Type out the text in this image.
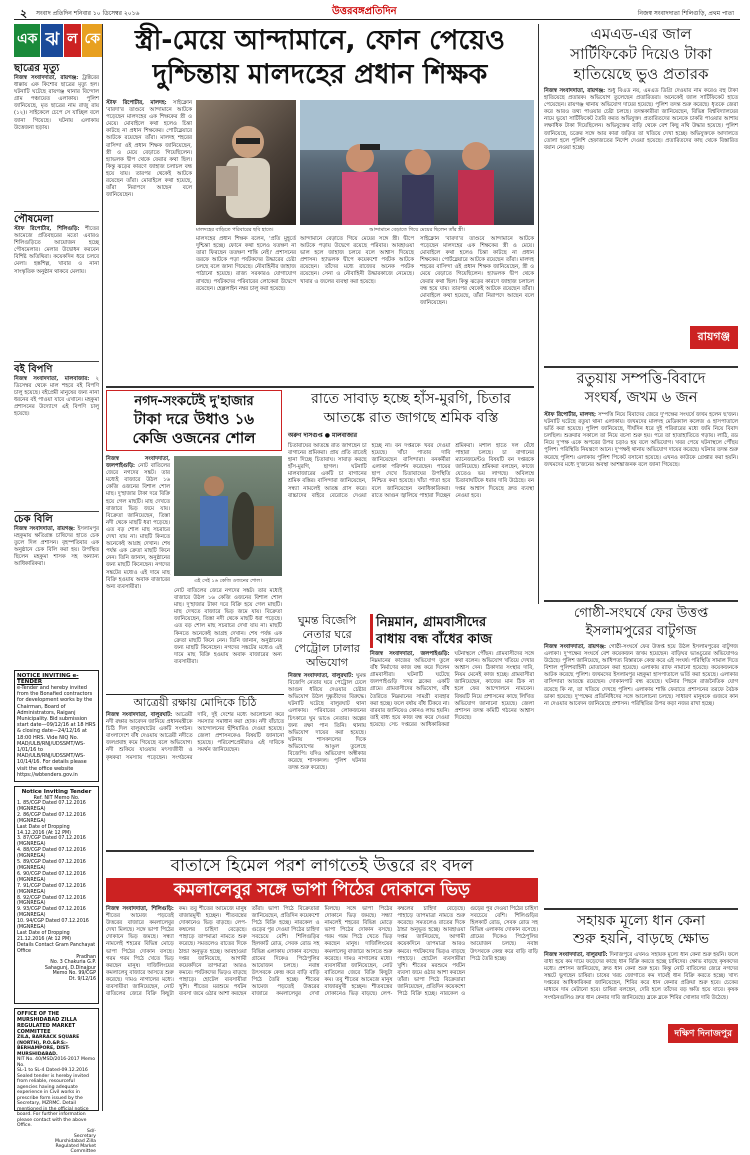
২ সংবাদ প্রতিদিন শনিবার ১০ ডিসেম্বর ২০১৬	উত্তরবঙ্গপ্রতিদিন	নিজস্ব সংবাদদাতা শিলিগুড়ি, প্রথম পাতা
এক ঝ ল কে
ছাত্রের মৃত্যু
নিজস্ব সংবাদদাতা, রায়গঞ্জ: ট্রাক্টরের ধাক্কায় এক কিশোর ছাত্রের মৃত্যু হল। ঘটনাটি ঘটেছে রায়গঞ্জ থানার বিন্দোল গ্রাম পঞ্চায়েত এলাকায়। পুলিশ জানিয়েছে, মৃত ছাত্রের নাম রাজু রায় (১২)। সাইকেলে চেপে সে যাচ্ছিল বলে জানা গিয়েছে। ঘটনায় এলাকায় উত্তেজনা ছড়ায়।
পৌষমেলা
স্টাফ রিপোর্টার, শিলিগুড়ি: শীতের আমেজে প্রতিবছরের মতো এবারও শিলিগুড়িতে আয়োজন হচ্ছে পৌষমেলার। মেলার উদ্বোধন করবেন বিশিষ্ট অতিথিরা। কয়েকদিন ধরে চলবে মেলা। হস্তশিল্প, খাবার ও নানা সাংস্কৃতিক অনুষ্ঠান থাকবে মেলায়।
বই বিপণি
নিজস্ব সংবাদদাতা, মালবাজার: ২ ডিসেম্বর থেকে মাল শহরে বই বিপণি চালু হয়েছে। বইপ্রেমী মানুষের জন্য নানা ধরনের বই পাওয়া যাবে এখানে। মহকুমা প্রশাসনের উদ্যোগে এই বিপণি চালু হয়েছে।
চেক বিলি
নিজস্ব সংবাদদাতা, রায়গঞ্জ: ইসলামপুর মহকুমায় ক্ষতিগ্রস্ত চাষিদের হাতে চেক তুলে দিল প্রশাসন। বৃহস্পতিবার এক অনুষ্ঠানে চেক বিলি করা হয়। উপস্থিত ছিলেন মহকুমা শাসক সহ অন্যান্য আধিকারিকরা।
NOTICE INVITING e-TENDER
e-Tender and hereby invited from the Bonafied contractors for development works by the Chairman, Board of Administrators, Raiganj Municipality. Bid submission start date—09/12/16 at 18 HRS & closing date—24/12/16 at 18:00 HRS. Vide NIQ No. MAD/ULB/RNJ/UDSSMT/WS-1/01/16 to MAD/ULB/RNJ/UDSSMT/WS-10/14/16. For details please visit the office website https://wbtenders.gov.in
Notice Inviting Tender
Ref. NIT Memo No.
1. 85/CGP Dated 07.12.2016
(MGNREGA)
2. 86/CGP Dated 07.12.2016
(MGNREGA)
Last Date of Dropping 14.12.2016 (At 12 PM)
3. 87/CGP Dated 07.12.2016
(MGNREGA)
4. 88/CGP Dated 07.12.2016
(MGNREGA)
5. 89/CGP Dated 07.12.2016
(MGNREGA)
6. 90/CGP Dated 07.12.2016
(MGNREGA)
7. 91/CGP Dated 07.12.2016
(MGNREGA)
8. 92/CGP Dated 07.12.2016
(MGNREGA)
9. 93/CGP Dated 07.12.2016
(MGNREGA)
10. 94/CGP Dated 07.12.2016
(MGNREGA)
Last Date of Dropping 21.12.2016 (At 12 PM)
Details Contact Gram Panchayat Office
Pradhan
No. 3 Chakuria G.P.
Sahagunj, D.Dinajpur
Memo No. 99/CGP
Dt. 9/12/16
OFFICE OF THE MURSHIDABAD ZILLA REGULATED MARKET COMMITTEE
ZILA, BARRACK SQUARE (NORTH), P.O.&P.S:-BERHAMPORE, DIST-MURSHIDABAD.
NIT No. 40/MSD/2016-2017 Memo No.
SL-1 to SL-4 Dated-09.12.2016
Sealed tender is hereby invited from reliable, resourceful agencies having adequate experience in Civil works in prescribe form issued by the Secretary, MZRMC. Detail mentioned in the official notice board. For further information please contact with the above Office.
Sd/-
Secretary
Murshidabad Zilla
Regulated Market
Committee
স্ত্রী-মেয়ে আন্দামানে, ফোন পেয়েও
দুশ্চিন্তায় মালদহের প্রধান শিক্ষক
স্টাফ রিপোর্টার, মালদহ: সাইক্লোন 'বারদা'র তাণ্ডবে আন্দামানে আটকে পড়েছেন মালদহের এক শিক্ষকের স্ত্রী ও মেয়ে। মোবাইলে কথা হলেও চিন্তা কাটছে না প্রধান শিক্ষকের। পোর্টব্লেয়ারে আটকে রয়েছেন তাঁরা। মালদহ শহরের বাসিন্দা ওই প্রধান শিক্ষক জানিয়েছেন, স্ত্রী ও মেয়ে বেড়াতে গিয়েছিলেন। হ্যাভলক দ্বীপ থেকে ফেরার কথা ছিল। কিন্তু ঝড়ের কারণে জাহাজ চলাচল বন্ধ হয়ে যায়। তারপর থেকেই আটকে রয়েছেন তাঁরা। মোবাইলে কথা হয়েছে, তাঁরা নিরাপদে আছেন বলে জানিয়েছেন।
মালদহের বাড়িতে পরিবারের ছবি হাতে।	আন্দামানে বেড়াতে গিয়ে মেয়ের ছিলেন তাঁর স্ত্রী।
মালদহের প্রধান শিক্ষক বলেন, 'প্রতি মুহূর্তে দুশ্চিন্তা হচ্ছে। ফোনে কথা হলেও যতক্ষণ না তারা ফিরছেন ততক্ষণ শান্তি নেই।' প্রশাসনের তরফে আটকে পড়া পর্যটকদের উদ্ধারের চেষ্টা চলছে বলে জানা গিয়েছে। নৌবাহিনীর জাহাজ পাঠানো হয়েছে। রাজ্য সরকারও যোগাযোগ রাখছে। পর্যটকদের পরিবারের লোকেরা উদ্বেগে রয়েছেন। হেল্পলাইন নম্বর চালু করা হয়েছে।
আন্দামানে বেড়াতে গিয়ে মেয়ের সঙ্গে স্ত্রী। দ্বীপে আটকে পড়ায় উদ্বেগে রয়েছে পরিবার। আবহাওয়া ভাল হলে জাহাজ চলবে বলে আশ্বাস দিয়েছে প্রশাসন। হ্যাভলক দ্বীপে কয়েকশো পর্যটক আটকে রয়েছেন। তাঁদের মধ্যে রাজ্যের অনেক পর্যটক রয়েছেন। সেনা ও নৌবাহিনী উদ্ধারকাজে নেমেছে। খাবার ও জলের ব্যবস্থা করা হয়েছে।
সাইক্লোন 'বারদা'র তাণ্ডবে আন্দামানে আটকে পড়েছেন মালদহের এক শিক্ষকের স্ত্রী ও মেয়ে। মোবাইলে কথা হলেও চিন্তা কাটছে না প্রধান শিক্ষকের। পোর্টব্লেয়ারে আটকে রয়েছেন তাঁরা। মালদহ শহরের বাসিন্দা ওই প্রধান শিক্ষক জানিয়েছেন, স্ত্রী ও মেয়ে বেড়াতে গিয়েছিলেন। হ্যাভলক দ্বীপ থেকে ফেরার কথা ছিল। কিন্তু ঝড়ের কারণে জাহাজ চলাচল বন্ধ হয়ে যায়। তারপর থেকেই আটকে রয়েছেন তাঁরা। মোবাইলে কথা হয়েছে, তাঁরা নিরাপদে আছেন বলে জানিয়েছেন।
এমএড-এর জাল
সার্টিফিকেট দিয়েও টাকা
হাতিয়েছে ভুও প্রতারক
নিজস্ব সংবাদদাতা, রায়গঞ্জ: শুধু বিএড নয়, এমএড ডিগ্রি দেওয়ার নাম করেও বহু টাকা হাতিয়েছে প্রতারক। অভিযোগ তুলেছেন প্রতারিতরা। অনেকেই জাল সার্টিফিকেট হাতে পেয়েছেন। রায়গঞ্জ থানায় অভিযোগ দায়ের হয়েছে। পুলিশ তদন্ত শুরু করেছে। ধৃতকে জেরা করে আরও তথ্য পাওয়ার চেষ্টা চলছে। তদন্তকারীরা জানিয়েছেন, বিভিন্ন বিশ্ববিদ্যালয়ের নামে ভুয়ো সার্টিফিকেট তৈরি করত অভিযুক্ত। প্রতারিতদের অনেকে চাকরি পাওয়ার আশায় লক্ষাধিক টাকা দিয়েছিলেন। অভিযুক্তের বাড়ি থেকে বেশ কিছু নথি উদ্ধার হয়েছে। পুলিশ জানিয়েছে, চক্রের সঙ্গে আর কারা জড়িত তা খতিয়ে দেখা হচ্ছে। অভিযুক্তকে আদালতে তোলা হলে পুলিশি হেফাজতের নির্দেশ দেওয়া হয়েছে। প্রতারিতদের কাছ থেকে বিস্তারিত বয়ান নেওয়া হচ্ছে।
রায়গঞ্জ
রতুয়ায় সম্পত্তি-বিবাদে
সংঘর্ষ, জখম ৬ জন
স্টাফ রিপোর্টার, মালদহ: সম্পত্তি নিয়ে বিবাদের জেরে দু'পক্ষের সংঘর্ষে জখম হলেন ছ'জন। ঘটনাটি ঘটেছে রতুয়া থানা এলাকায়। জখমদের মালদহ মেডিক্যাল কলেজ ও হাসপাতালে ভর্তি করা হয়েছে। পুলিশ জানিয়েছে, দীর্ঘদিন ধরে দুই পরিবারের মধ্যে জমি নিয়ে বিবাদ চলছিল। শুক্রবার সকালে তা নিয়ে বচসা শুরু হয়। পরে তা হাতাহাতিতে গড়ায়। লাঠি, রড নিয়ে দু'পক্ষ একে অপরের উপর চড়াও হয় বলে অভিযোগ। খবর পেয়ে ঘটনাস্থলে পৌঁছয় পুলিশ। পরিস্থিতি নিয়ন্ত্রণে আনে। দু'পক্ষই থানায় অভিযোগ দায়ের করেছে। ঘটনার তদন্ত শুরু করেছে পুলিশ। এলাকায় পুলিশ পিকেট বসানো হয়েছে। এখনও কাউকে গ্রেপ্তার করা হয়নি। জখমদের মধ্যে দু'জনের অবস্থা আশঙ্কাজনক বলে জানা গিয়েছে।
গোষ্ঠী-সংঘর্ষে ফের উত্তপ্ত
ইসলামপুরের বাটুগজ
নিজস্ব সংবাদদাতা, রায়গঞ্জ: গোষ্ঠী-সংঘর্ষে ফের উত্তপ্ত হয়ে উঠল ইসলামপুরের বাটুগজ এলাকা। দু'পক্ষের সংঘর্ষে বেশ কয়েকজন জখম হয়েছেন। বাড়িঘর ভাঙচুরের অভিযোগও উঠেছে। পুলিশ জানিয়েছে, আধিপত্য বিস্তারকে কেন্দ্র করে এই সংঘর্ষ। পরিস্থিতি সামাল দিতে বিশাল পুলিশবাহিনী মোতায়েন করা হয়েছে। এলাকায় র‍্যাফ নামানো হয়েছে। কয়েকজনকে আটক করেছে পুলিশ। জখমদের ইসলামপুর মহকুমা হাসপাতালে ভর্তি করা হয়েছে। এলাকার বাসিন্দারা আতঙ্কে রয়েছেন। দোকানপাট বন্ধ রয়েছে। ঘটনার পিছনে রাজনৈতিক যোগ রয়েছে কি না, তা খতিয়ে দেখছে পুলিশ। এলাকায় শান্তি ফেরাতে প্রশাসনের তরফে বৈঠক ডাকা হয়েছে। দু'পক্ষের প্রতিনিধিদের সঙ্গে আলোচনা চলছে। সাধারণ মানুষকে গুজবে কান না দেওয়ার আবেদন জানিয়েছে প্রশাসন। পরিস্থিতির উপর কড়া নজর রাখা হচ্ছে।
সহায়ক মূল্যে ধান কেনা
শুরু হয়নি, বাড়ছে ক্ষোভ
নিজস্ব সংবাদদাতা, বালুরঘাট: দিনাজপুরে এখনও সহায়ক মূল্যে ধান কেনা শুরু হয়নি। ফলে বাধ্য হয়ে কম দামে ফড়েদের কাছে ধান বিক্রি করতে হচ্ছে চাষিদের। ক্ষোভ বাড়ছে কৃষকদের মধ্যে। প্রশাসন জানিয়েছে, দ্রুত ধান কেনা শুরু হবে। কিন্তু নোট বাতিলের জেরে নগদের সঙ্কটে ভুগছেন চাষিরা। চাষের খরচ জোগাতে কম দামেই ধান বিক্রি করতে হচ্ছে। খাদ্য দপ্তরের আধিকারিকরা জানিয়েছেন, শিবির করে ধান কেনার প্রক্রিয়া শুরু হবে। চেকের মাধ্যমে দাম মেটানো হবে। চাষিরা বলছেন, দেরি হলে তাঁদের বড় ক্ষতি হয়ে যাবে। কৃষক সংগঠনগুলিও দ্রুত ধান কেনার দাবি জানিয়েছে। ব্লকে ব্লকে শিবির খোলার দাবি উঠেছে।
দক্ষিণ দিনাজপুর
নগদ-সংকটেই দু'হাজার
টাকা দরে উধাও ১৬
কেজি ওজনের শোল
নিজস্ব সংবাদদাতা, জলপাইগুড়ি: নোট বাতিলের জেরে নগদের সঙ্কট। তার মধ্যেই বাজারে উঠল ১৬ কেজি ওজনের বিশাল শোল মাছ। দু'হাজার টাকা দরে বিক্রি হয়ে গেল মাছটি। মাছ দেখতে বাজারে ভিড় জমে যায়। বিক্রেতা জানিয়েছেন, তিস্তা নদী থেকে মাছটি ধরা পড়েছে। এত বড় শোল মাছ সচরাচর দেখা যায় না। মাছটি কিনতে অনেকেই আগ্রহ দেখান। শেষ পর্যন্ত এক ক্রেতা মাছটি কিনে নেন। তিনি জানান, অনুষ্ঠানের জন্য মাছটি কিনেছেন। নগদের সঙ্কটের মধ্যেও এই দামে মাছ বিক্রি হওয়ায় অবাক বাজারের অন্য ব্যবসায়ীরা।
এই সেই ১৬ কেজি ওজনের শোল।
নোট বাতিলের জেরে নগদের সঙ্কট। তার মধ্যেই বাজারে উঠল ১৬ কেজি ওজনের বিশাল শোল মাছ। দু'হাজার টাকা দরে বিক্রি হয়ে গেল মাছটি। মাছ দেখতে বাজারে ভিড় জমে যায়। বিক্রেতা জানিয়েছেন, তিস্তা নদী থেকে মাছটি ধরা পড়েছে। এত বড় শোল মাছ সচরাচর দেখা যায় না। মাছটি কিনতে অনেকেই আগ্রহ দেখান। শেষ পর্যন্ত এক ক্রেতা মাছটি কিনে নেন। তিনি জানান, অনুষ্ঠানের জন্য মাছটি কিনেছেন। নগদের সঙ্কটের মধ্যেও এই দামে মাছ বিক্রি হওয়ায় অবাক বাজারের অন্য ব্যবসায়ীরা।
রাতে সাবাড় হচ্ছে হাঁস-মুরগি, চিতার
আতঙ্কে রাত জাগছে শ্রমিক বস্তি
অরুণ দাসগুপ্ত ● মালবাজার
চিতাবাঘের আতঙ্কে রাত জাগছেন চা বাগানের শ্রমিকরা। প্রায় প্রতি রাতেই হানা দিচ্ছে চিতাবাঘ। সাবাড় করছে হাঁস-মুরগি, ছাগল। ঘটনাটি মালবাজারের একটি চা বাগানের শ্রমিক বস্তির। বাসিন্দারা জানিয়েছেন, সন্ধ্যা নামলেই আতঙ্ক গ্রাস করে। বাচ্চাদের বাইরে বেরোতে দেওয়া হচ্ছে না। বন দপ্তরকে খবর দেওয়া হয়েছে। খাঁচা পাতার দাবি জানিয়েছেন বাসিন্দারা। বনকর্মীরা এলাকা পরিদর্শন করেছেন। পায়ের ছাপ দেখে চিতাবাঘের উপস্থিতি নিশ্চিত করা হয়েছে। খাঁচা পাতা হবে বলে জানিয়েছেন বনাধিকারিকরা। রাতে আগুন জ্বালিয়ে পাহারা দিচ্ছেন শ্রমিকরা। মশাল হাতে দল বেঁধে পাহারা চলছে। চা বাগানের ম্যানেজমেন্টও বিষয়টি বন দপ্তরকে জানিয়েছে। শ্রমিকরা বলছেন, কাজে যেতেও ভয় লাগছে। অবিলম্বে চিতাবাঘটিকে ধরার দাবি উঠেছে। বন দপ্তর আশ্বাস দিয়েছে দ্রুত ব্যবস্থা নেওয়া হবে।
ঘুমন্ত বিজেপি
নেতার ঘরে
পেট্রোল ঢালার
অভিযোগ
নিজস্ব সংবাদদাতা, বালুরঘাট: ঘুমন্ত বিজেপি নেতার ঘরে পেট্রোল ঢেলে আগুন ধরিয়ে দেওয়ার চেষ্টার অভিযোগ উঠল দুষ্কৃতীদের বিরুদ্ধে। ঘটনাটি ঘটেছে বালুরঘাট থানা এলাকায়। পরিবারের লোকজনের চিৎকারে ঘুম ভাঙে নেতার। অল্পের জন্য রক্ষা পান তিনি। থানায় অভিযোগ দায়ের করা হয়েছে। ঘটনায় শাসকদলের দিকে অভিযোগের আঙুল তুলেছে বিজেপি। যদিও অভিযোগ অস্বীকার করেছে শাসকদল। পুলিশ ঘটনার তদন্ত শুরু করেছে।
নিম্নমান, গ্রামবাসীদের
বাধায় বন্ধ বাঁধের কাজ
নিজস্ব সংবাদদাতা, জলপাইগুড়ি: নিম্নমানের কাজের অভিযোগ তুলে বাঁধ নির্মাণের কাজ বন্ধ করে দিলেন গ্রামবাসীরা। ঘটনাটি ঘটেছে জলপাইগুড়ি সদর ব্লকের একটি গ্রামে। গ্রামবাসীদের অভিযোগ, বাঁধ তৈরিতে নিম্নমানের সামগ্রী ব্যবহার করা হচ্ছে। ফলে বর্ষায় বাঁধ টিকবে না। বারবার জানিয়েও কোনও লাভ হয়নি। তাই বাধ্য হয়ে কাজ বন্ধ করে দেওয়া হয়েছে। সেচ দপ্তরের আধিকারিকরা ঘটনাস্থলে পৌঁছন। গ্রামবাসীদের সঙ্গে কথা বলেন। অভিযোগ খতিয়ে দেখার আশ্বাস দেন। ঠিকাদার সংস্থার দাবি, নিয়ম মেনেই কাজ হচ্ছে। গ্রামবাসীরা জানিয়েছেন, কাজের মান ঠিক না হলে ফের আন্দোলনে নামবেন। বিষয়টি নিয়ে প্রশাসনের কাছে লিখিত অভিযোগ জানানো হয়েছে। জেলা প্রশাসন তদন্ত কমিটি গঠনের আশ্বাস দিয়েছে।
আত্রেয়ী রক্ষায় মোদিকে চিঠি
নিজস্ব সংবাদদাতা, বালুরঘাট: আত্রেয়ী নদী রক্ষার আবেদন জানিয়ে প্রধানমন্ত্রীকে চিঠি দিল বালুরঘাটের একটি সংগঠন। বাংলাদেশে বাঁধ দেওয়ায় আত্রেয়ী নদীতে জলপ্রবাহ কমে গিয়েছে বলে অভিযোগ। নদী শুকিয়ে যাওয়ায় মৎস্যজীবী ও কৃষকরা সমস্যায় পড়েছেন। সংগঠনের দাবি, দুই দেশের মধ্যে আলোচনা করে সমস্যার সমাধান করা হোক। নদী বাঁচাতে আন্দোলনের হুঁশিয়ারিও দেওয়া হয়েছে। জেলা প্রশাসনকেও বিষয়টি জানানো হয়েছে। পরিবেশপ্রেমীরাও এই দাবিকে সমর্থন জানিয়েছেন।
বাতাসে হিমেল পরশ লাগতেই উত্তরে রং বদল
কমলালেবুর সঙ্গে ভাপা পিঠের দোকানে ভিড়
নিজস্ব সংবাদদাতা, শিলিগুড়ি: শীতের আমেজ পড়তেই উত্তরের বাজারে কমলালেবুর দেখা মিলছে। সঙ্গে ভাপা পিঠের দোকানে ভিড় জমছে। সন্ধ্যা নামলেই শহরের বিভিন্ন মোড়ে ভাপা পিঠের দোকান বসছে। গরম গরম পিঠে খেতে ভিড় করছেন মানুষ। দার্জিলিংয়ের কমলালেবু বাজারে আসতে শুরু করেছে। দামও নাগালের মধ্যে। ব্যবসায়ীরা জানিয়েছেন, নোট বাতিলের জেরে বিক্রি কিছুটা কম। তবু শীতের আমেজে মানুষ বাজারমুখী হচ্ছেন। শীতবস্ত্রের দোকানেও ভিড় বাড়ছে। লেপ-কম্বলের চাহিদা বেড়েছে। পাহাড়ে তাপমাত্রা নামতে শুরু করেছে। সমতলেও রাতের দিকে ঠান্ডা অনুভূত হচ্ছে। আবহাওয়া দপ্তর জানিয়েছে, আগামী কয়েকদিনে তাপমাত্রা আরও কমবে। পর্যটকদের ভিড়ও বাড়ছে পাহাড়ে। হোটেল ব্যবসায়ীরা খুশি। শীতের মরশুমে পর্যটন ব্যবসা জমে ওঠার আশা করছেন তাঁরা। ভাপা পিঠে বিক্রেতারা জানিয়েছেন, প্রতিদিন কয়েকশো পিঠে বিক্রি হচ্ছে। নারকেল ও গুড়ের পুর দেওয়া পিঠের চাহিদা সবচেয়ে বেশি। শিলিগুড়ির হিলকার্ট রোড, সেবক রোড সহ বিভিন্ন এলাকায় দোকান বসেছে। গ্রামের দিকেও পিঠেপুলির আয়োজন চলছে। নবান্ন উৎসবকে কেন্দ্র করে বাড়ি বাড়ি পিঠে তৈরি হচ্ছে। শীতের আমেজ পড়তেই উত্তরের বাজারে কমলালেবুর দেখা মিলছে। সঙ্গে ভাপা পিঠের দোকানে ভিড় জমছে। সন্ধ্যা নামলেই শহরের বিভিন্ন মোড়ে ভাপা পিঠের দোকান বসছে। গরম গরম পিঠে খেতে ভিড় করছেন মানুষ। দার্জিলিংয়ের কমলালেবু বাজারে আসতে শুরু করেছে। দামও নাগালের মধ্যে। ব্যবসায়ীরা জানিয়েছেন, নোট বাতিলের জেরে বিক্রি কিছুটা কম। তবু শীতের আমেজে মানুষ বাজারমুখী হচ্ছেন। শীতবস্ত্রের দোকানেও ভিড় বাড়ছে। লেপ-কম্বলের চাহিদা বেড়েছে। পাহাড়ে তাপমাত্রা নামতে শুরু করেছে। সমতলেও রাতের দিকে ঠান্ডা অনুভূত হচ্ছে। আবহাওয়া দপ্তর জানিয়েছে, আগামী কয়েকদিনে তাপমাত্রা আরও কমবে। পর্যটকদের ভিড়ও বাড়ছে পাহাড়ে। হোটেল ব্যবসায়ীরা খুশি। শীতের মরশুমে পর্যটন ব্যবসা জমে ওঠার আশা করছেন তাঁরা। ভাপা পিঠে বিক্রেতারা জানিয়েছেন, প্রতিদিন কয়েকশো পিঠে বিক্রি হচ্ছে। নারকেল ও গুড়ের পুর দেওয়া পিঠের চাহিদা সবচেয়ে বেশি। শিলিগুড়ির হিলকার্ট রোড, সেবক রোড সহ বিভিন্ন এলাকায় দোকান বসেছে। গ্রামের দিকেও পিঠেপুলির আয়োজন চলছে। নবান্ন উৎসবকে কেন্দ্র করে বাড়ি বাড়ি পিঠে তৈরি হচ্ছে।
